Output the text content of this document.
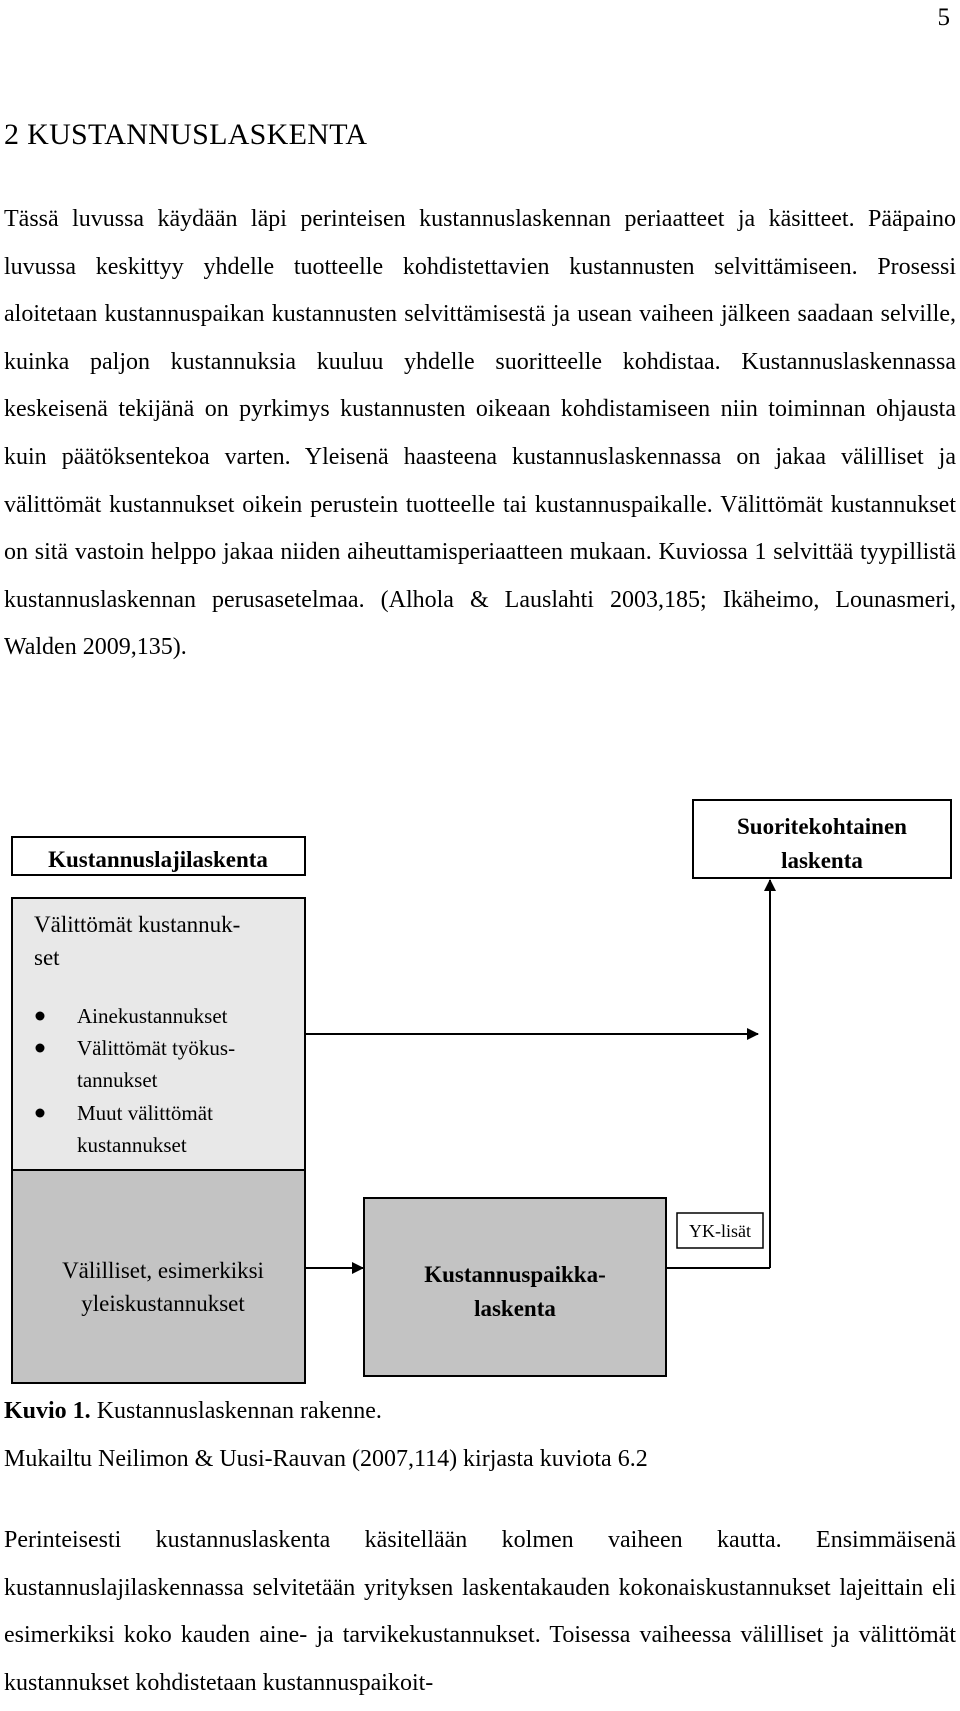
5
2 KUSTANNUSLASKENTA

Tässä luvussa käydään läpi perinteisen kustannuslaskennan periaatteet ja käsitteet. Pääpaino luvussa keskittyy yhdelle tuotteelle kohdistettavien kustannusten selvittämiseen. Prosessi aloitetaan kustannuspaikan kustannusten selvittämisestä ja usean vaiheen jälkeen saadaan selville, kuinka paljon kustannuksia kuuluu yhdelle suoritteelle kohdistaa. Kustannuslaskennassa keskeisenä tekijänä on pyrkimys kustannusten oikeaan kohdistamiseen niin toiminnan ohjausta kuin päätöksentekoa varten. Yleisenä haasteena kustannuslaskennassa on jakaa välilliset ja välittömät kustannukset oikein perustein tuotteelle tai kustannuspaikalle. Välittömät kustannukset on sitä vastoin helppo jakaa niiden aiheuttamisperiaatteen mukaan. Kuviossa 1 selvittää tyypillistä kustannuslaskennan perusasetelmaa. (Alhola & Lauslahti 2003,185; Ikäheimo, Lounasmeri, Walden 2009,135).

Kustannuslajilaskenta
Suoritekohtainen
laskenta
Välittömät kustannuk-
set
Ainekustannukset
Välittömät työkus-
tannukset
Muut välittömät
kustannukset
Välilliset, esimerkiksi
yleiskustannukset
Kustannuspaikka-
laskenta
YK-lisät

Kuvio 1. Kustannuslaskennan rakenne.

Mukailtu Neilimon & Uusi-Rauvan (2007,114) kirjasta kuviota 6.2

Perinteisesti kustannuslaskenta käsitellään kolmen vaiheen kautta. Ensimmäisenä kustannuslajilaskennassa selvitetään yrityksen laskentakauden kokonaiskustannukset lajeittain eli esimerkiksi koko kauden aine- ja tarvikekustannukset. Toisessa vaiheessa välilliset ja välittömät kustannukset kohdistetaan kustannuspaikoit-
